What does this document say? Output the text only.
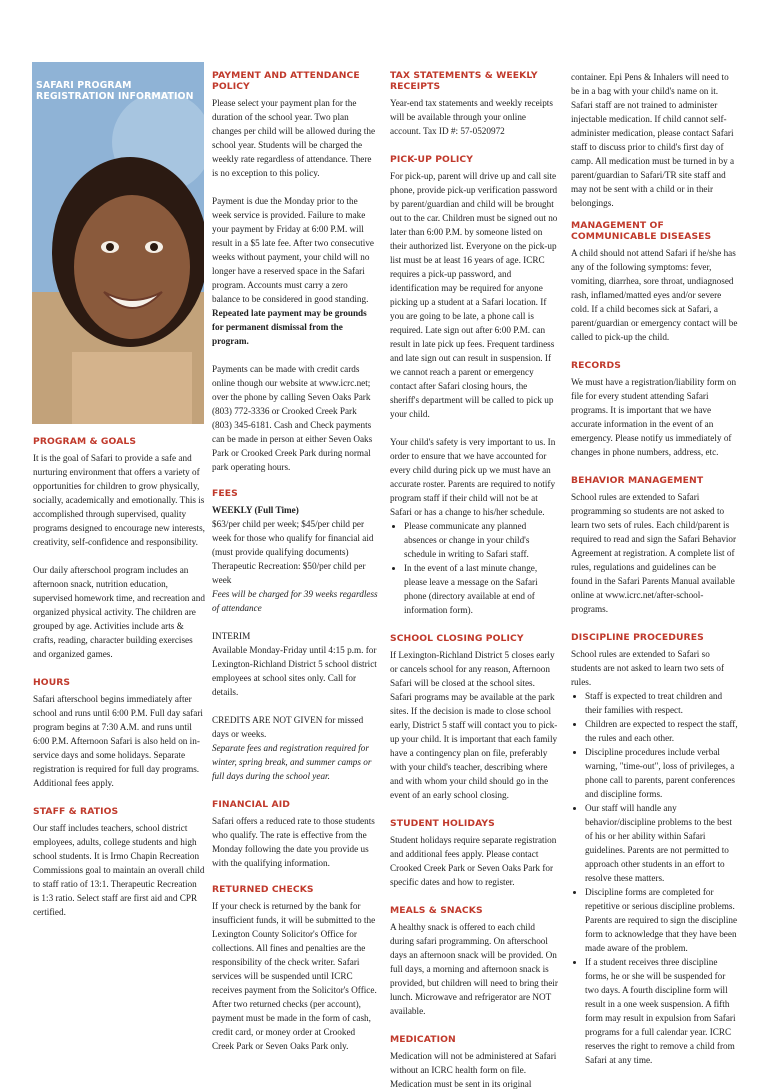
SAFARI PROGRAM REGISTRATION INFORMATION
PROGRAM & GOALS

It is the goal of Safari to provide a safe and nurturing environment that offers a variety of opportunities for children to grow physically, socially, academically and emotionally. This is accomplished through supervised, quality programs designed to encourage new interests, creativity, self-confidence and responsibility.

Our daily afterschool program includes an afternoon snack, nutrition education, supervised homework time, and recreation and organized physical activity. The children are grouped by age. Activities include arts & crafts, reading, character building exercises and organized games.

HOURS

Safari afterschool begins immediately after school and runs until 6:00 P.M. Full day safari program begins at 7:30 A.M. and runs until 6:00 P.M. Afternoon Safari is also held on in-service days and some holidays. Separate registration is required for full day programs. Additional fees apply.

STAFF & RATIOS

Our staff includes teachers, school district employees, adults, college students and high school students. It is Irmo Chapin Recreation Commissions goal to maintain an overall child to staff ratio of 13:1. Therapeutic Recreation is 1:3 ratio. Select staff are first aid and CPR certified.

PAYMENT AND ATTENDANCE POLICY

Please select your payment plan for the duration of the school year. Two plan changes per child will be allowed during the school year. Students will be charged the weekly rate regardless of attendance. There is no exception to this policy.

Payment is due the Monday prior to the week service is provided. Failure to make your payment by Friday at 6:00 P.M. will result in a $5 late fee. After two consecutive weeks without payment, your child will no longer have a reserved space in the Safari program. Accounts must carry a zero balance to be considered in good standing. Repeated late payment may be grounds for permanent dismissal from the program.

Payments can be made with credit cards online though our website at www.icrc.net; over the phone by calling Seven Oaks Park (803) 772-3336 or Crooked Creek Park (803) 345-6181. Cash and Check payments can be made in person at either Seven Oaks Park or Crooked Creek Park during normal park operating hours.

FEES

WEEKLY (Full Time)

$63/per child per week; $45/per child per week for those who qualify for financial aid (must provide qualifying documents) Therapeutic Recreation: $50/per child per week

Fees will be charged for 39 weeks regardless of attendance

INTERIM

Available Monday-Friday until 4:15 p.m. for Lexington-Richland District 5 school district employees at school sites only. Call for details.

CREDITS ARE NOT GIVEN for missed days or weeks.

Separate fees and registration required for winter, spring break, and summer camps or full days during the school year.

FINANCIAL AID

Safari offers a reduced rate to those students who qualify. The rate is effective from the Monday following the date you provide us with the qualifying information.

RETURNED CHECKS

If your check is returned by the bank for insufficient funds, it will be submitted to the Lexington County Solicitor's Office for collections. All fines and penalties are the responsibility of the check writer. Safari services will be suspended until ICRC receives payment from the Solicitor's Office. After two returned checks (per account), payment must be made in the form of cash, credit card, or money order at Crooked Creek Park or Seven Oaks Park only.

TAX STATEMENTS & WEEKLY RECEIPTS

Year-end tax statements and weekly receipts will be available through your online account. Tax ID #: 57-0520972

PICK-UP POLICY

For pick-up, parent will drive up and call site phone, provide pick-up verification password by parent/guardian and child will be brought out to the car. Children must be signed out no later than 6:00 P.M. by someone listed on their authorized list. Everyone on the pick-up list must be at least 16 years of age. ICRC requires a pick-up password, and identification may be required for anyone picking up a student at a Safari location. If you are going to be late, a phone call is required. Late sign out after 6:00 P.M. can result in late pick up fees. Frequent tardiness and late sign out can result in suspension. If we cannot reach a parent or emergency contact after Safari closing hours, the sheriff's department will be called to pick up your child.

Your child's safety is very important to us. In order to ensure that we have accounted for every child during pick up we must have an accurate roster. Parents are required to notify program staff if their child will not be at Safari or has a change to his/her schedule.

• Please communicate any planned absences or change in your child's schedule in writing to Safari staff.
• In the event of a last minute change, please leave a message on the Safari phone (directory available at end of information form).
SCHOOL CLOSING POLICY

If Lexington-Richland District 5 closes early or cancels school for any reason, Afternoon Safari will be closed at the school sites. Safari programs may be available at the park sites. If the decision is made to close school early, District 5 staff will contact you to pick-up your child. It is important that each family have a contingency plan on file, preferably with your child's teacher, describing where and with whom your child should go in the event of an early school closing.

STUDENT HOLIDAYS

Student holidays require separate registration and additional fees apply. Please contact Crooked Creek Park or Seven Oaks Park for specific dates and how to register.

MEALS & SNACKS

A healthy snack is offered to each child during safari programming. On afterschool days an afternoon snack will be provided. On full days, a morning and afternoon snack is provided, but children will need to bring their lunch. Microwave and refrigerator are NOT available.

MEDICATION

Medication will not be administered at Safari without an ICRC health form on file. Medication must be sent in its original

container. Epi Pens & Inhalers will need to be in a bag with your child's name on it. Safari staff are not trained to administer injectable medication. If child cannot self-administer medication, please contact Safari staff to discuss prior to child's first day of camp. All medication must be turned in by a parent/guardian to Safari/TR site staff and may not be sent with a child or in their belongings.

MANAGEMENT OF COMMUNICABLE DISEASES

A child should not attend Safari if he/she has any of the following symptoms: fever, vomiting, diarrhea, sore throat, undiagnosed rash, inflamed/matted eyes and/or severe cold. If a child becomes sick at Safari, a parent/guardian or emergency contact will be called to pick-up the child.

RECORDS

We must have a registration/liability form on file for every student attending Safari programs. It is important that we have accurate information in the event of an emergency. Please notify us immediately of changes in phone numbers, address, etc.

BEHAVIOR MANAGEMENT

School rules are extended to Safari programming so students are not asked to learn two sets of rules. Each child/parent is required to read and sign the Safari Behavior Agreement at registration. A complete list of rules, regulations and guidelines can be found in the Safari Parents Manual available online at www.icrc.net/after-school-programs.

DISCIPLINE PROCEDURES

School rules are extended to Safari so students are not asked to learn two sets of rules.

• Staff is expected to treat children and their families with respect.
• Children are expected to respect the staff, the rules and each other.
• Discipline procedures include verbal warning, "time-out", loss of privileges, a phone call to parents, parent conferences and discipline forms.
• Our staff will handle any behavior/discipline problems to the best of his or her ability within Safari guidelines. Parents are not permitted to approach other students in an effort to resolve these matters.
• Discipline forms are completed for repetitive or serious discipline problems. Parents are required to sign the discipline form to acknowledge that they have been made aware of the problem.
• If a student receives three discipline forms, he or she will be suspended for two days. A fourth discipline form will result in a one week suspension. A fifth form may result in expulsion from Safari programs for a full calendar year. ICRC reserves the right to remove a child from Safari at any time.
